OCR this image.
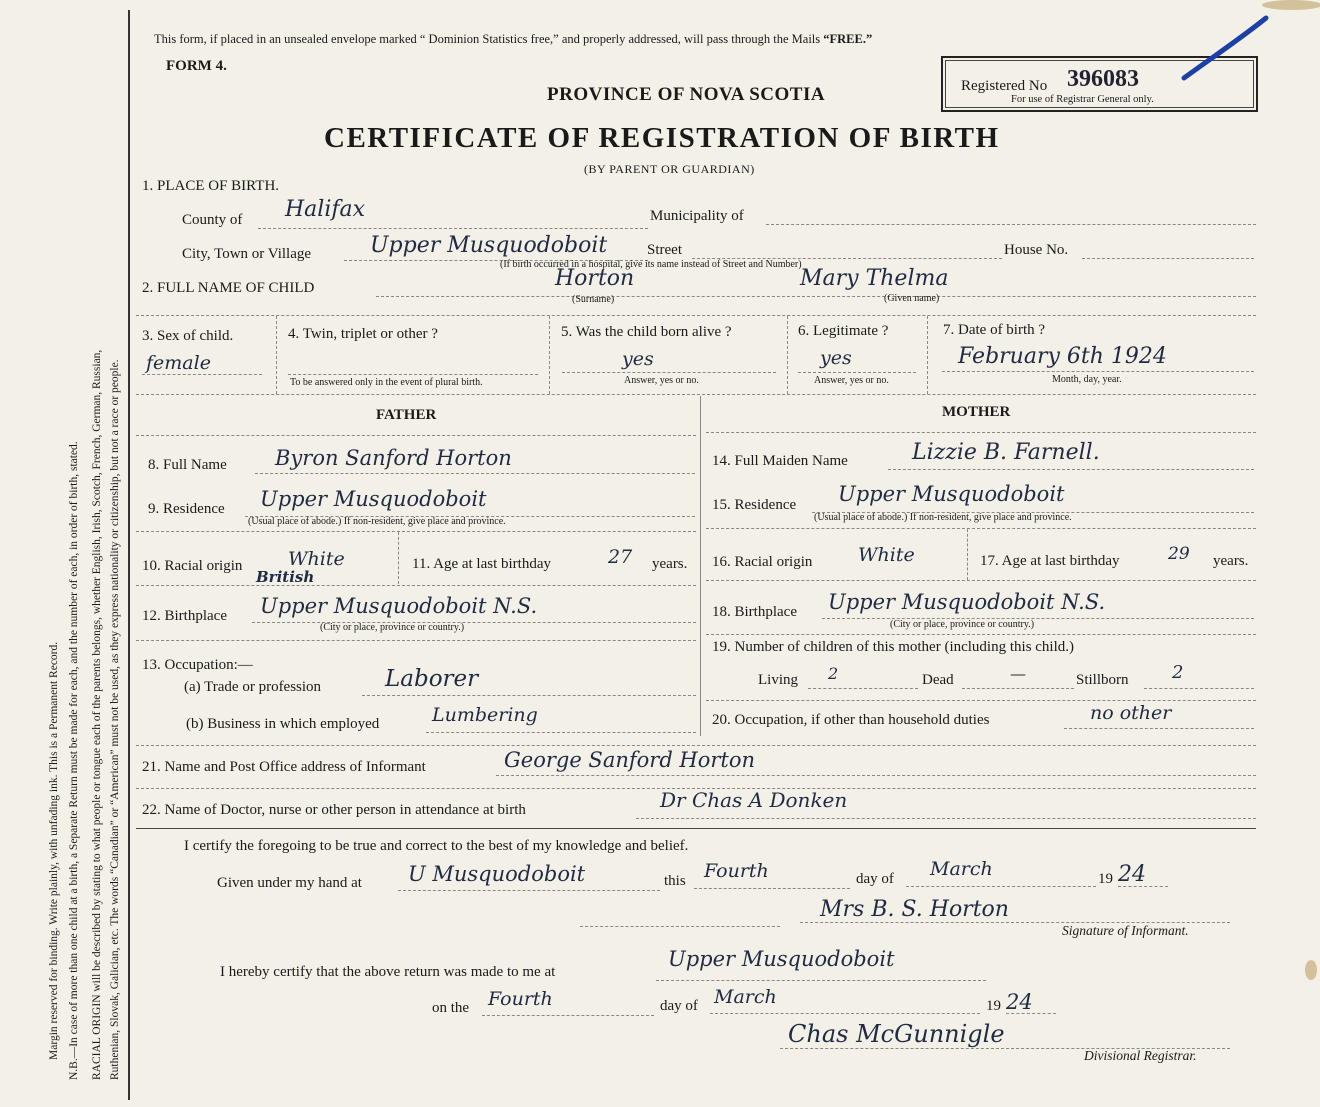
Margin reserved for binding. Write plainly, with unfading ink. This is a Permanent Record. N.B.—In case of more than one child at a birth, a Separate Return must be made for each, and the number of each, in order of birth, stated. RACIAL ORIGIN will be described by stating to what people or tongue each of the parents belongs, whether English, Irish, Scotch, French, German, Russian, Ruthenian, Slovak, Galician, etc. The words “Canadian” or “American” must not be used, as they express nationality or citizenship, but not a race or people.
This form, if placed in an unsealed envelope marked “ Dominion Statistics free,” and properly addressed, will pass through the Mails “FREE.”
FORM 4.
PROVINCE OF NOVA SCOTIA
CERTIFICATE OF REGISTRATION OF BIRTH
(BY PARENT OR GUARDIAN)
Registered No 396083
For use of Registrar General only.
1. PLACE OF BIRTH.
County of Halifax	Municipality of
City, Town or Village	Upper Musquodoboit	Street	House No.
(If birth occurred in a hospital, give its name instead of Street and Number)
2. FULL NAME OF CHILD	Horton
(Surname)
Mary Thelma
(Given name)
3. Sex of child.
female
4. Twin, triplet or other ?
To be answered only in the event of plural birth.
5. Was the child born alive ?
yes
Answer, yes or no.
6. Legitimate ?
yes
Answer, yes or no.
7. Date of birth ?
February 6th 1924
Month, day, year.
FATHER	MOTHER
8. Full Name Byron Sanford Horton
9. Residence Upper Musquodoboit
(Usual place of abode.) If non-resident, give place and province.
10. Racial origin White
British
11. Age at last birthday	27 years.
12. Birthplace Upper Musquodoboit N.S.
(City or place, province or country.)
13. Occupation:—
(a) Trade or profession	Laborer
(b) Business in which employed	Lumbering
14. Full Maiden Name	Lizzie B. Farnell.
15. Residence Upper Musquodoboit
(Usual place of abode.) If non-resident, give place and province.
16. Racial origin White	17. Age at last birthday	29 years.
18. Birthplace Upper Musquodoboit N.S.
(City or place, province or country.)
19. Number of children of this mother (including this child.)
Living 2	Dead	—	Stillborn 2
20. Occupation, if other than household duties	no other
21. Name and Post Office address of Informant	George Sanford Horton
22. Name of Doctor, nurse or other person in attendance at birth	Dr Chas A Donken
I certify the foregoing to be true and correct to the best of my knowledge and belief.
Given under my hand at U Musquodoboit	this Fourth	day of March	19 24
Mrs B. S. Horton
Signature of Informant.
I hereby certify that the above return was made to me at
Upper Musquodoboit
on the Fourth	day of March	19 24
Chas McGunnigle
Divisional Registrar.
